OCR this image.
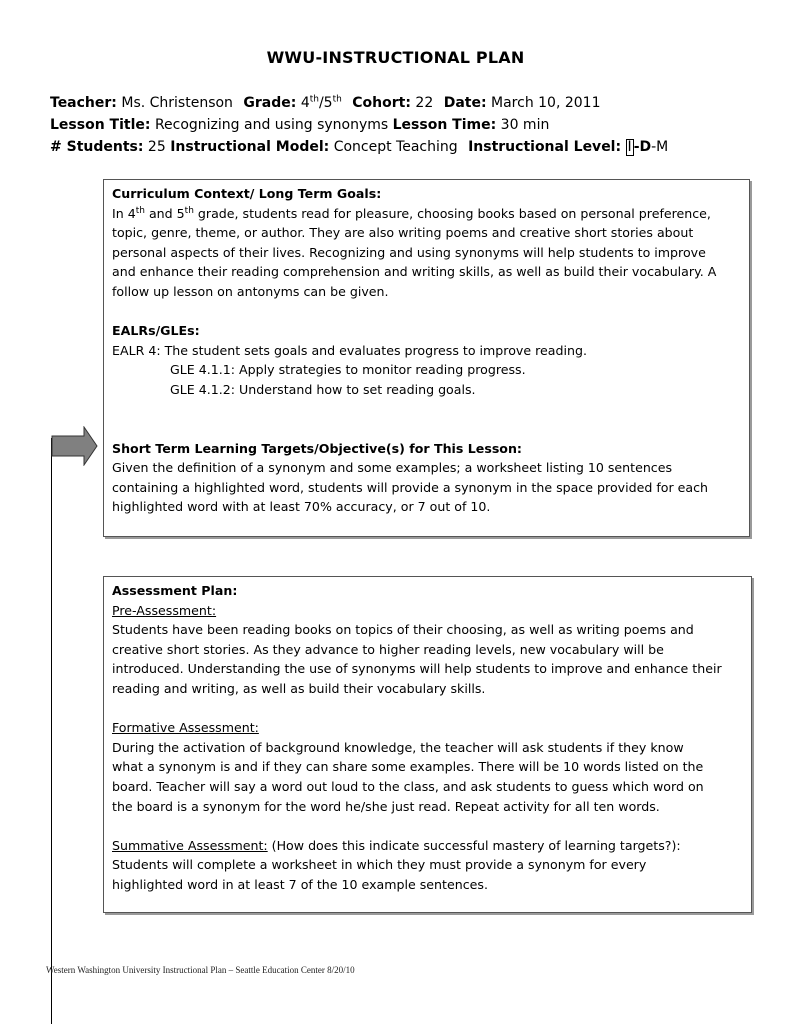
WWU-INSTRUCTIONAL PLAN
Teacher: Ms. Christenson Grade: 4th/5th Cohort: 22 Date: March 10, 2011
Lesson Title: Recognizing and using synonyms Lesson Time: 30 min
# Students: 25 Instructional Model: Concept Teaching Instructional Level: I -D-M
Curriculum Context/ Long Term Goals:
In 4th and 5th grade, students read for pleasure, choosing books based on personal preference,
topic, genre, theme, or author. They are also writing poems and creative short stories about
personal aspects of their lives. Recognizing and using synonyms will help students to improve
and enhance their reading comprehension and writing skills, as well as build their vocabulary. A
follow up lesson on antonyms can be given.
EALRs/GLEs:
EALR 4: The student sets goals and evaluates progress to improve reading.
GLE 4.1.1: Apply strategies to monitor reading progress.
GLE 4.1.2: Understand how to set reading goals.
Short Term Learning Targets/Objective(s) for This Lesson:
Given the definition of a synonym and some examples; a worksheet listing 10 sentences
containing a highlighted word, students will provide a synonym in the space provided for each
highlighted word with at least 70% accuracy, or 7 out of 10.
Assessment Plan:
Pre-Assessment:
Students have been reading books on topics of their choosing, as well as writing poems and
creative short stories. As they advance to higher reading levels, new vocabulary will be
introduced. Understanding the use of synonyms will help students to improve and enhance their
reading and writing, as well as build their vocabulary skills.
Formative Assessment:
During the activation of background knowledge, the teacher will ask students if they know
what a synonym is and if they can share some examples. There will be 10 words listed on the
board. Teacher will say a word out loud to the class, and ask students to guess which word on
the board is a synonym for the word he/she just read. Repeat activity for all ten words.
Summative Assessment: (How does this indicate successful mastery of learning targets?):
Students will complete a worksheet in which they must provide a synonym for every
highlighted word in at least 7 of the 10 example sentences.
Western Washington University Instructional Plan – Seattle Education Center 8/20/10
